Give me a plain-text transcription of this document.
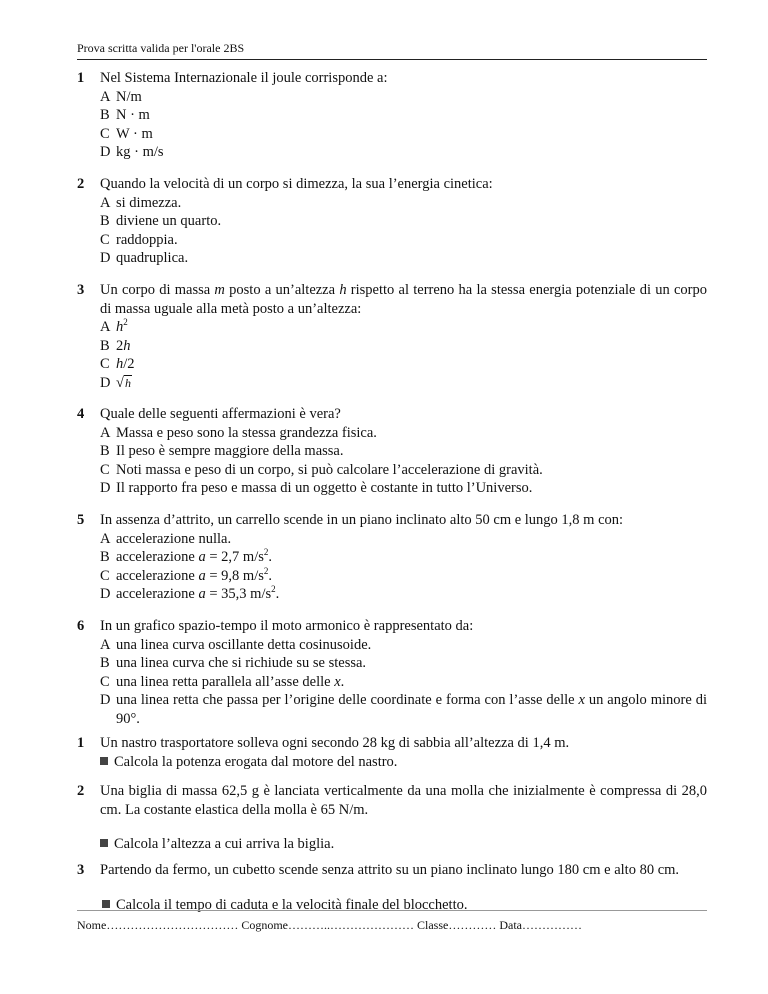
Prova scritta valida per l'orale 2BS
1 Nel Sistema Internazionale il joule corrisponde a:
A N/m
B N · m
C W · m
D kg · m/s
2 Quando la velocità di un corpo si dimezza, la sua l’energia cinetica:
A si dimezza.
B diviene un quarto.
C raddoppia.
D quadruplica.
3 Un corpo di massa m posto a un’altezza h rispetto al terreno ha la stessa energia potenziale di un corpo di massa uguale alla metà posto a un’altezza:
A $h^2$
B 2h
C h/2
D √h
4 Quale delle seguenti affermazioni è vera?
A Massa e peso sono la stessa grandezza fisica.
B Il peso è sempre maggiore della massa.
C Noti massa e peso di un corpo, si può calcolare l’accelerazione di gravità.
D Il rapporto fra peso e massa di un oggetto è costante in tutto l’Universo.
5 In assenza d’attrito, un carrello scende in un piano inclinato alto 50 cm e lungo 1,8 m con:
A accelerazione nulla.
B accelerazione a = 2,7 $m/s^2$.
C accelerazione a = 9,8 $m/s^2$.
D accelerazione a = 35,3 $m/s^2$.
6 In un grafico spazio-tempo il moto armonico è rappresentato da:
A una linea curva oscillante detta cosinusoide.
B una linea curva che si richiude su se stessa.
C una linea retta parallela all’asse delle x.
D una linea retta che passa per l’origine delle coordinate e forma con l’asse delle x un angolo minore di 90°.
1 Un nastro trasportatore solleva ogni secondo 28 kg di sabbia all’altezza di 1,4 m.
Calcola la potenza erogata dal motore del nastro.
2 Una biglia di massa 62,5 g è lanciata verticalmente da una molla che inizialmente è compressa di 28,0 cm. La costante elastica della molla è 65 N/m.
Calcola l’altezza a cui arriva la biglia.
3 Partendo da fermo, un cubetto scende senza attrito su un piano inclinato lungo 180 cm e alto 80 cm.
Calcola il tempo di caduta e la velocità finale del blocchetto.
Nome…………………………… Cognome………..………………… Classe………… Data……………
